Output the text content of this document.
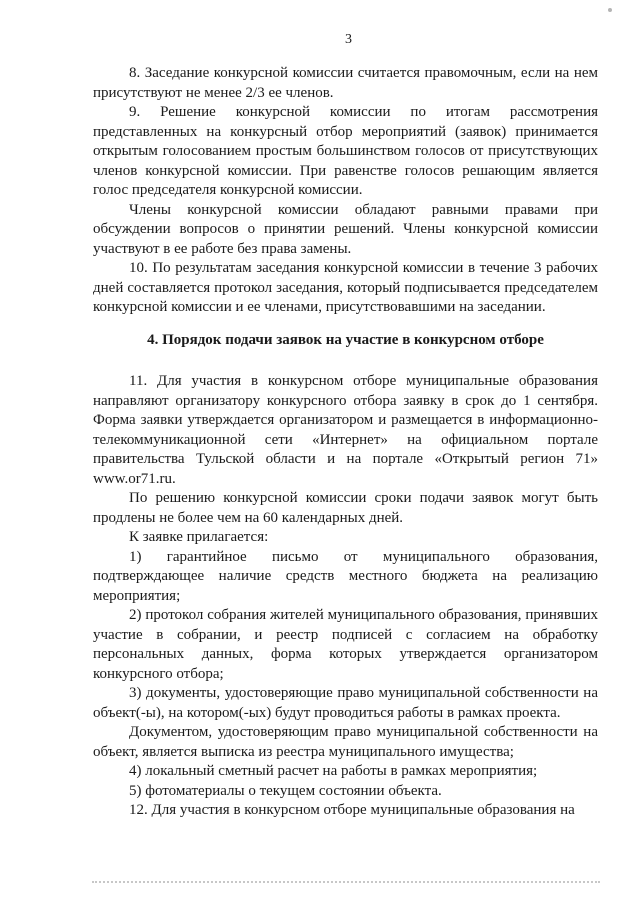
3

8. Заседание конкурсной комиссии считается правомочным, если на нем присутствуют не менее 2/3 ее членов.

9. Решение конкурсной комиссии по итогам рассмотрения представленных на конкурсный отбор мероприятий (заявок) принимается открытым голосованием простым большинством голосов от присутствующих членов конкурсной комиссии. При равенстве голосов решающим является голос председателя конкурсной комиссии.

Члены конкурсной комиссии обладают равными правами при обсуждении вопросов о принятии решений. Члены конкурсной комиссии участвуют в ее работе без права замены.

10. По результатам заседания конкурсной комиссии в течение 3 рабочих дней составляется протокол заседания, который подписывается председателем конкурсной комиссии и ее членами, присутствовавшими на заседании.

4. Порядок подачи заявок на участие в конкурсном отборе

11. Для участия в конкурсном отборе муниципальные образования направляют организатору конкурсного отбора заявку в срок до 1 сентября. Форма заявки утверждается организатором и размещается в информационно-телекоммуникационной сети «Интернет» на официальном портале правительства Тульской области и на портале «Открытый регион 71» www.or71.ru.

По решению конкурсной комиссии сроки подачи заявок могут быть продлены не более чем на 60 календарных дней.

К заявке прилагается:

1) гарантийное письмо от муниципального образования, подтверждающее наличие средств местного бюджета на реализацию мероприятия;

2) протокол собрания жителей муниципального образования, принявших участие в собрании, и реестр подписей с согласием на обработку персональных данных, форма которых утверждается организатором конкурсного отбора;

3) документы, удостоверяющие право муниципальной собственности на объект(-ы), на котором(-ых) будут проводиться работы в рамках проекта.

Документом, удостоверяющим право муниципальной собственности на объект, является выписка из реестра муниципального имущества;

4) локальный сметный расчет на работы в рамках мероприятия;

5) фотоматериалы о текущем состоянии объекта.

12. Для участия в конкурсном отборе муниципальные образования на
